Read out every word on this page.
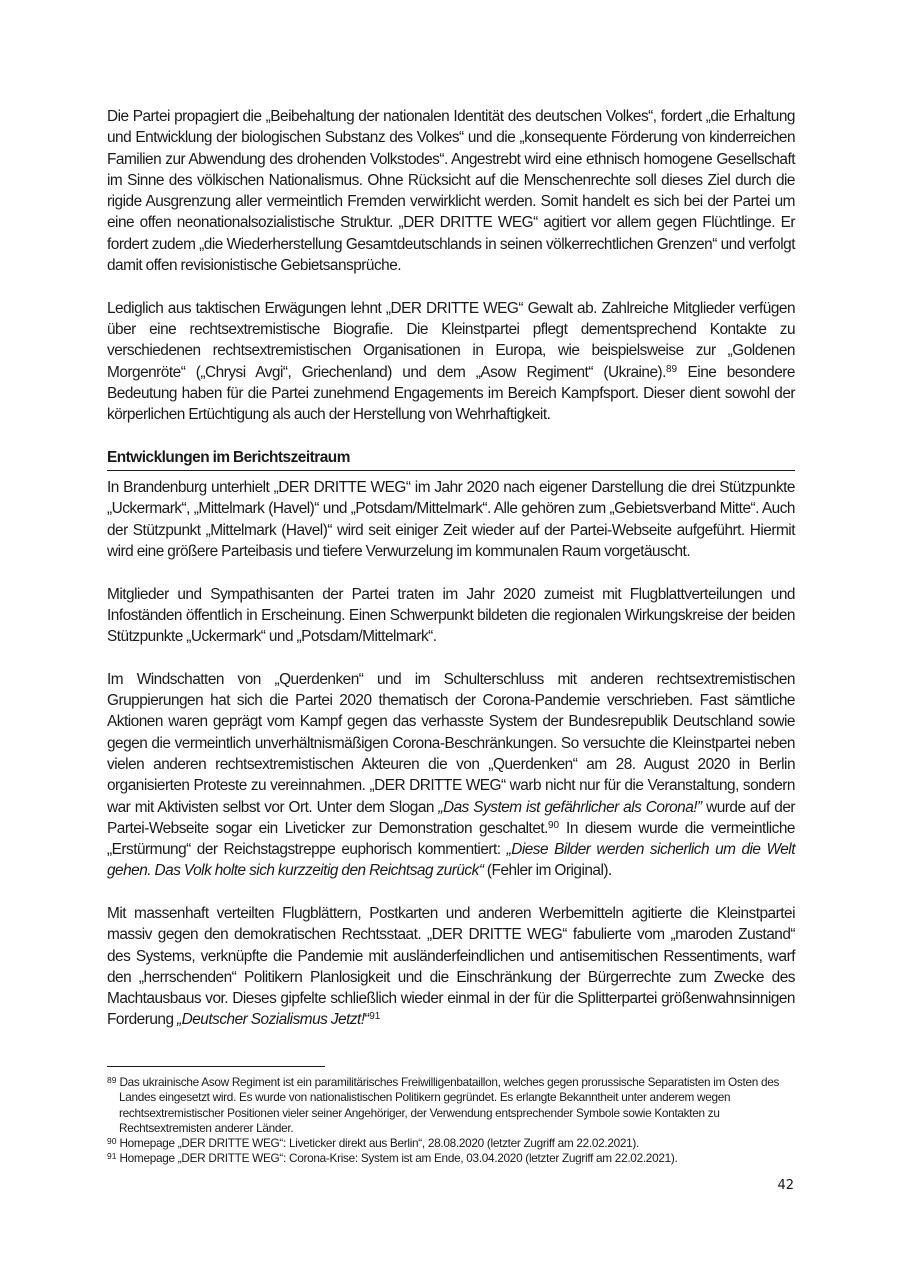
Die Partei propagiert die „Beibehaltung der nationalen Identität des deutschen Volkes“, fordert „die Erhaltung und Entwicklung der biologischen Substanz des Volkes“ und die „konsequente Förderung von kinderreichen Familien zur Abwendung des drohenden Volkstodes“. Angestrebt wird eine ethnisch homogene Gesellschaft im Sinne des völkischen Nationalismus. Ohne Rücksicht auf die Menschenrechte soll dieses Ziel durch die rigide Ausgrenzung aller vermeintlich Fremden verwirklicht werden. Somit handelt es sich bei der Partei um eine offen neonationalsozialistische Struktur. „DER DRITTE WEG“ agitiert vor allem gegen Flüchtlinge. Er fordert zudem „die Wiederherstellung Gesamtdeutschlands in seinen völkerrechtlichen Grenzen“ und verfolgt damit offen revisionistische Gebietsansprüche.

Lediglich aus taktischen Erwägungen lehnt „DER DRITTE WEG“ Gewalt ab. Zahlreiche Mitglieder verfügen über eine rechtsextremistische Biografie. Die Kleinstpartei pflegt dementsprechend Kontakte zu verschiedenen rechtsextremistischen Organisationen in Europa, wie beispielsweise zur „Goldenen Morgenröte“ („Chrysi Avgi“, Griechenland) und dem „Asow Regiment“ (Ukraine).$^{89}$ Eine besondere Bedeutung haben für die Partei zunehmend Engagements im Bereich Kampfsport. Dieser dient sowohl der körperlichen Ertüchtigung als auch der Herstellung von Wehrhaftigkeit.

Entwicklungen im Berichtszeitraum

In Brandenburg unterhielt „DER DRITTE WEG“ im Jahr 2020 nach eigener Darstellung die drei Stützpunkte „Uckermark“, „Mittelmark (Havel)“ und „Potsdam/Mittelmark“. Alle gehören zum „Gebietsverband Mitte“. Auch der Stützpunkt „Mittelmark (Havel)“ wird seit einiger Zeit wieder auf der Partei-Webseite aufgeführt. Hiermit wird eine größere Parteibasis und tiefere Verwurzelung im kommunalen Raum vorgetäuscht.

Mitglieder und Sympathisanten der Partei traten im Jahr 2020 zumeist mit Flugblattverteilungen und Infoständen öffentlich in Erscheinung. Einen Schwerpunkt bildeten die regionalen Wirkungskreise der beiden Stützpunkte „Uckermark“ und „Potsdam/Mittelmark“.

Im Windschatten von „Querdenken“ und im Schulterschluss mit anderen rechtsextremistischen Gruppierungen hat sich die Partei 2020 thematisch der Corona-Pandemie verschrieben. Fast sämtliche Aktionen waren geprägt vom Kampf gegen das verhasste System der Bundesrepublik Deutschland sowie gegen die vermeintlich unverhältnismäßigen Corona-Beschränkungen. So versuchte die Kleinstpartei neben vielen anderen rechtsextremistischen Akteuren die von „Querdenken“ am 28. August 2020 in Berlin organisierten Proteste zu vereinnahmen. „DER DRITTE WEG“ warb nicht nur für die Veranstaltung, sondern war mit Aktivisten selbst vor Ort. Unter dem Slogan „Das System ist gefährlicher als Corona!” wurde auf der Partei-Webseite sogar ein Liveticker zur Demonstration geschaltet.$^{90}$ In diesem wurde die vermeintliche „Erstürmung“ der Reichstagstreppe euphorisch kommentiert: „Diese Bilder werden sicherlich um die Welt gehen. Das Volk holte sich kurzzeitig den Reichtsag zurück“ (Fehler im Original).

Mit massenhaft verteilten Flugblättern, Postkarten und anderen Werbemitteln agitierte die Kleinstpartei massiv gegen den demokratischen Rechtsstaat. „DER DRITTE WEG“ fabulierte vom „maroden Zustand“ des Systems, verknüpfte die Pandemie mit ausländerfeindlichen und antisemitischen Ressentiments, warf den „herrschenden“ Politikern Planlosigkeit und die Einschränkung der Bürgerrechte zum Zwecke des Machtausbaus vor. Dieses gipfelte schließlich wieder einmal in der für die Splitterpartei größenwahnsinnigen Forderung „Deutscher Sozialismus Jetzt!“$^{91}$

$^{89}$ Das ukrainische Asow Regiment ist ein paramilitärisches Freiwilligenbataillon, welches gegen prorussische Separatisten im Osten des Landes eingesetzt wird. Es wurde von nationalistischen Politikern gegründet. Es erlangte Bekanntheit unter anderem wegen rechtsextremistischer Positionen vieler seiner Angehöriger, der Verwendung entsprechender Symbole sowie Kontakten zu Rechtsextremisten anderer Länder.

$^{90}$ Homepage „DER DRITTE WEG“: Liveticker direkt aus Berlin“, 28.08.2020 (letzter Zugriff am 22.02.2021).

$^{91}$ Homepage „DER DRITTE WEG“: Corona-Krise: System ist am Ende, 03.04.2020 (letzter Zugriff am 22.02.2021).

42
